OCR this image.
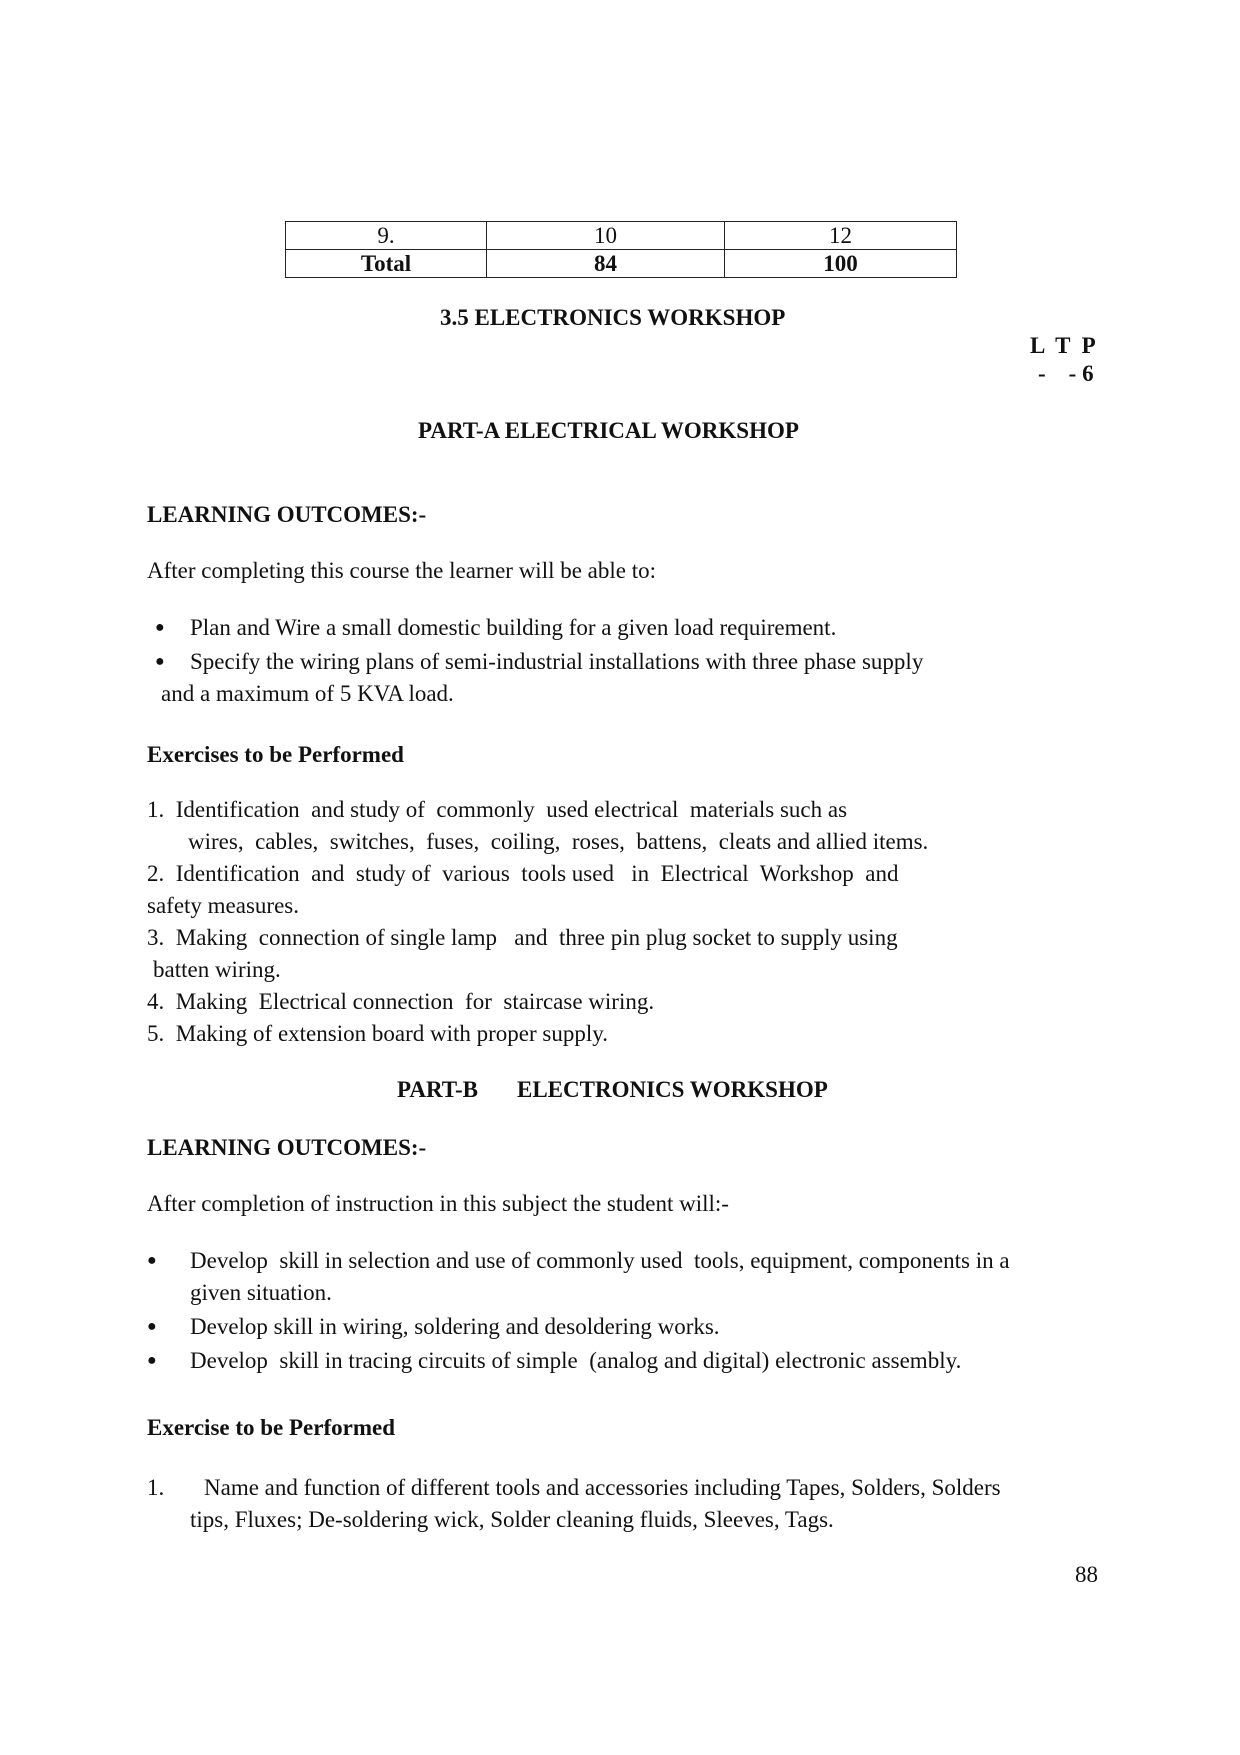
9.	10	12
Total	84	100
3.5 ELECTRONICS WORKSHOP
L  T  P
-    - 6
PART-A ELECTRICAL WORKSHOP
LEARNING OUTCOMES:-
After completing this course the learner will be able to:
● Plan and Wire a small domestic building for a given load requirement.
● Specify the wiring plans of semi-industrial installations with three phase supply
and a maximum of 5 KVA load.
Exercises to be Performed
1.  Identification  and study of  commonly  used electrical  materials such as
wires,  cables,  switches,  fuses,  coiling,  roses,  battens,  cleats and allied items.
2.  Identification  and  study of  various  tools used   in  Electrical  Workshop  and
safety measures.
3.  Making  connection of single lamp   and  three pin plug socket to supply using
batten wiring.
4.  Making  Electrical connection  for  staircase wiring.
5.  Making of extension board with proper supply.
PART-B ELECTRONICS WORKSHOP
LEARNING OUTCOMES:-
After completion of instruction in this subject the student will:-
● Develop  skill in selection and use of commonly used  tools, equipment, components in a
given situation.
● Develop skill in wiring, soldering and desoldering works.
● Develop  skill in tracing circuits of simple  (analog and digital) electronic assembly.
Exercise to be Performed
1. Name and function of different tools and accessories including Tapes, Solders, Solders
tips, Fluxes; De-soldering wick, Solder cleaning fluids, Sleeves, Tags.
88
